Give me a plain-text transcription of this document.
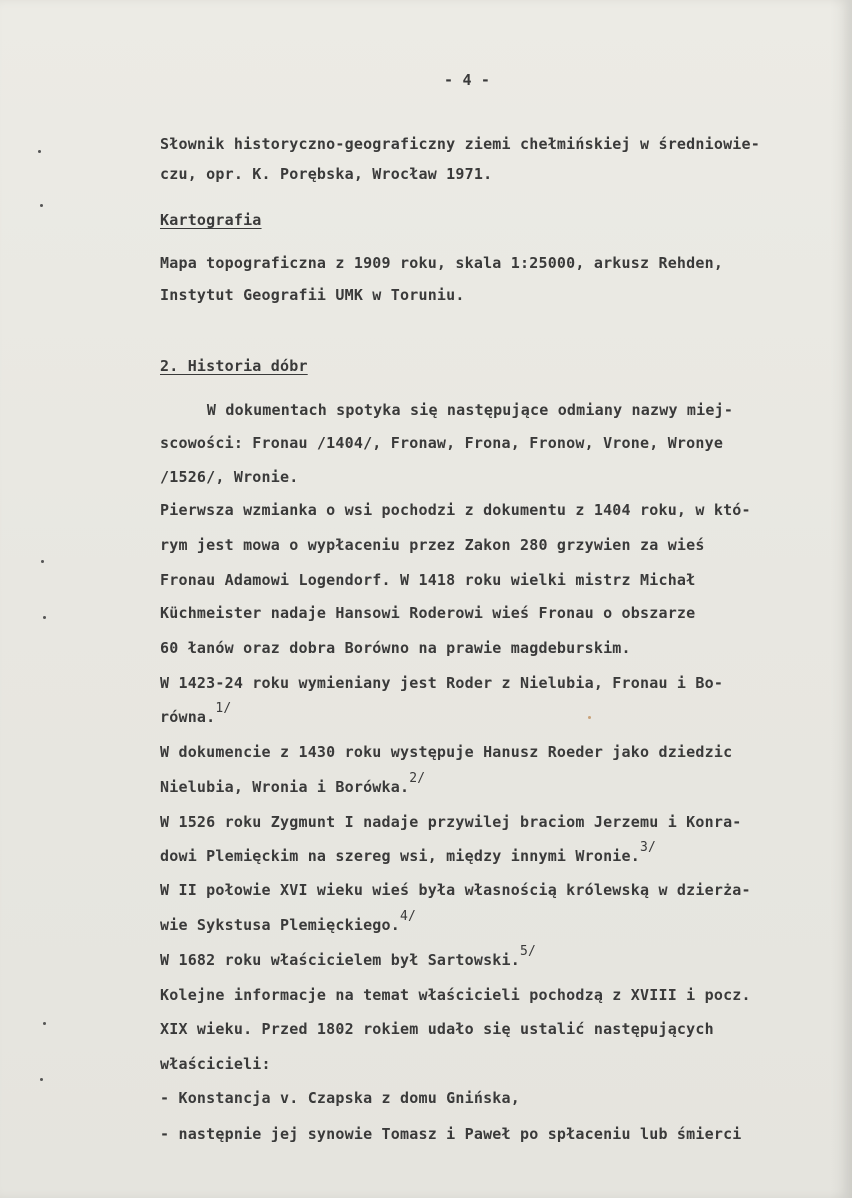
- 4 -
Słownik historyczno-geograficzny ziemi chełmińskiej w średniowie-
czu, opr. K. Porębska, Wrocław 1971.
Kartografia
Mapa topograficzna z 1909 roku, skala 1:25000, arkusz Rehden,
Instytut Geografii UMK w Toruniu.
2. Historia dóbr
W dokumentach spotyka się następujące odmiany nazwy miej-
scowości: Fronau /1404/, Fronaw, Frona, Fronow, Vrone, Wronye
/1526/, Wronie.
Pierwsza wzmianka o wsi pochodzi z dokumentu z 1404 roku, w któ-
rym jest mowa o wypłaceniu przez Zakon 280 grzywien za wieś
Fronau Adamowi Logendorf. W 1418 roku wielki mistrz Michał
Küchmeister nadaje Hansowi Roderowi wieś Fronau o obszarze
60 łanów oraz dobra Borówno na prawie magdeburskim.
W 1423-24 roku wymieniany jest Roder z Nielubia, Fronau i Bo-
równa.1/
W dokumencie z 1430 roku występuje Hanusz Roeder jako dziedzic
Nielubia, Wronia i Borówka.2/
W 1526 roku Zygmunt I nadaje przywilej braciom Jerzemu i Konra-
dowi Plemięckim na szereg wsi, między innymi Wronie.3/
W II połowie XVI wieku wieś była własnością królewską w dzierża-
wie Sykstusa Plemięckiego.4/
W 1682 roku właścicielem był Sartowski.5/
Kolejne informacje na temat właścicieli pochodzą z XVIII i pocz.
XIX wieku. Przed 1802 rokiem udało się ustalić następujących
właścicieli:
- Konstancja v. Czapska z domu Gnińska,
- następnie jej synowie Tomasz i Paweł po spłaceniu lub śmierci
